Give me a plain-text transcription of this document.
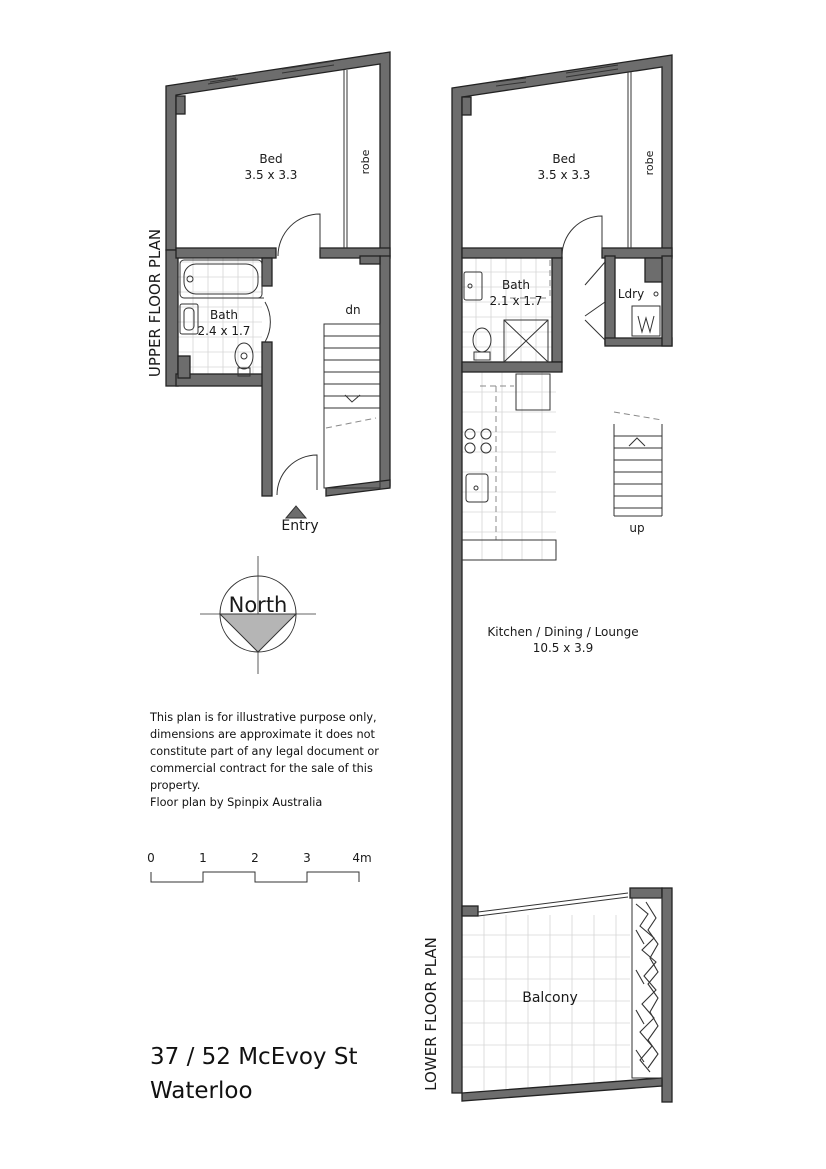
Bed
3.5 x 3.3
robe
Bath
2.4 x 1.7
dn
Entry
UPPER FLOOR PLAN
North
0	1	2	3	4m
Bed
3.5 x 3.3	robe
Bath
2.1 x 1.7	Ldry
up
Kitchen / Dining / Lounge
10.5 x 3.9
Balcony
LOWER FLOOR PLAN
This plan is for illustrative purpose only,
dimensions are approximate it does not
constitute part of any legal document or
commercial contract for the sale of this
property.
Floor plan by Spinpix Australia
37 / 52 McEvoy St
Waterloo
